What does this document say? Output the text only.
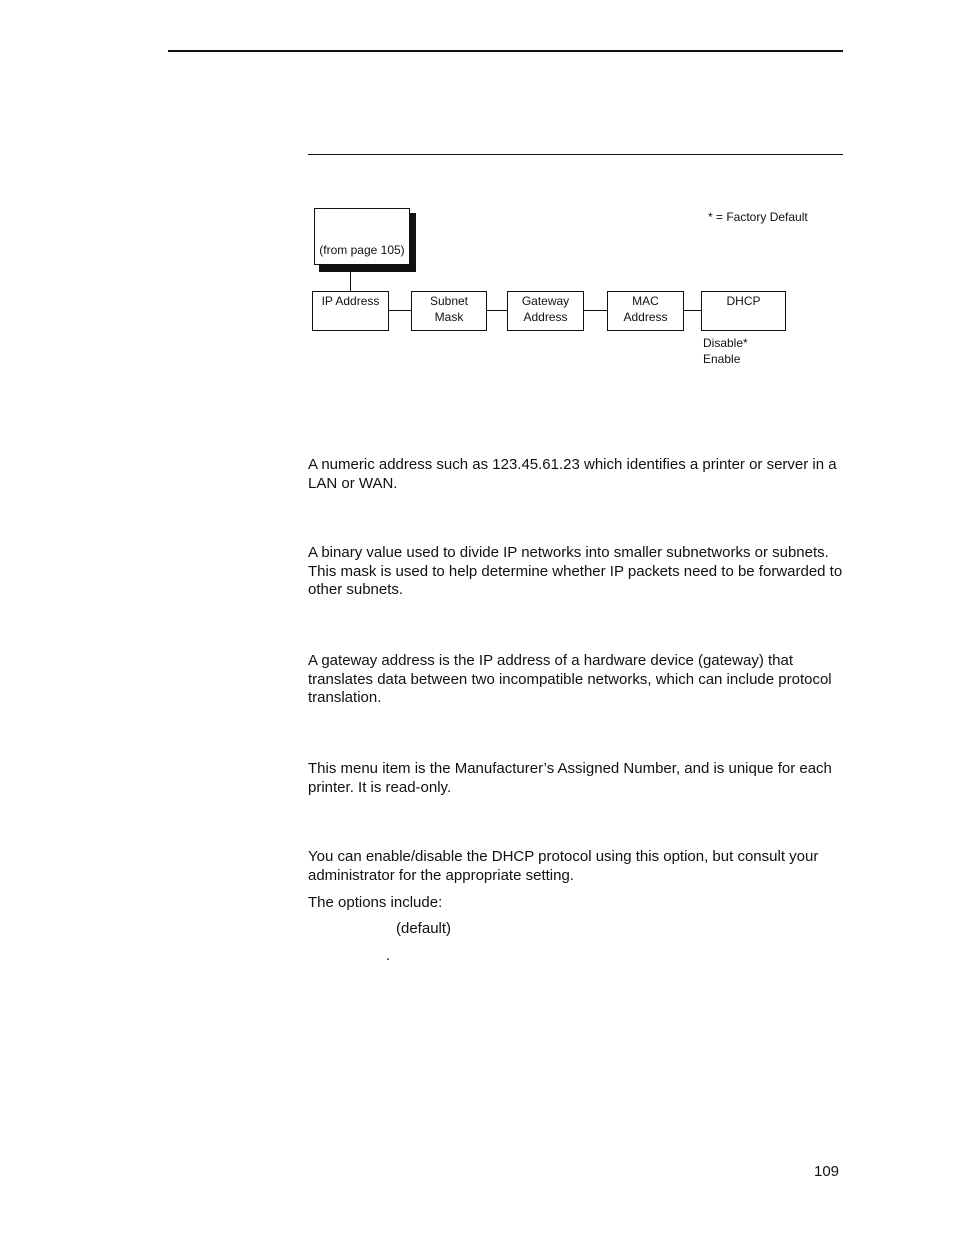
* = Factory Default
(from page 105)
IP Address	Subnet
Mask
Gateway
Address
MAC
Address
DHCP
Disable*
Enable

A numeric address such as 123.45.61.23 which identifies a printer or server in a LAN or WAN.

A binary value used to divide IP networks into smaller subnetworks or subnets. This mask is used to help determine whether IP packets need to be forwarded to other subnets.

A gateway address is the IP address of a hardware device (gateway) that translates data between two incompatible networks, which can include protocol translation.

This menu item is the Manufacturer’s Assigned Number, and is unique for each printer. It is read-only.

You can enable/disable the DHCP protocol using this option, but consult your administrator for the appropriate setting.

The options include:

(default)

.

109
